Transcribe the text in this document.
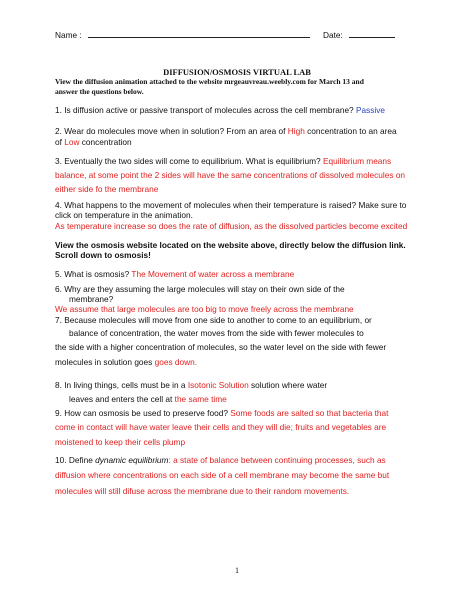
Name :	Date:
DIFFUSION/OSMOSIS VIRTUAL LAB
View the diffusion animation attached to the website mrgeauvreau.weebly.com for March 13 and
answer the questions below.
1. Is diffusion active or passive transport of molecules across the cell membrane? Passive
2. Wear do molecules move when in solution? From an area of High concentration to an area
of Low concentration
3. Eventually the two sides will come to equilibrium. What is equilibrium? Equilibrium means
balance, at some point the 2 sides will have the same concentrations of dissolved molecules on
either side fo the membrane
4. What happens to the movement of molecules when their temperature is raised? Make sure to
click on temperature in the animation.
As temperature increase so does the rate of diffusion, as the dissolved particles become excited
View the osmosis website located on the website above, directly below the diffusion link.
Scroll down to osmosis!
5. What is osmosis? The Movement of water across a membrane
6. Why are they assuming the large molecules will stay on their own side of the
membrane?
We assume that large molecules are too big to move freely across the membrane
7. Because molecules will move from one side to another to come to an equilibrium, or
balance of concentration, the water moves from the side with fewer molecules to
the side with a higher concentration of molecules, so the water level on the side with fewer
molecules in solution goes goes down.
8. In living things, cells must be in a Isotonic Solution solution where water
leaves and enters the cell at the same time
9. How can osmosis be used to preserve food? Some foods are salted so that bacteria that
come in contact will have water leave their cells and they will die; fruits and vegetables are
moistened to keep their cells plump
10. Define dynamic equilibrium: a state of balance between continuing processes, such as
diffusion where concentrations on each side of a cell membrane may become the same but
molecules will still difuse across the membrane due to their random movements.
1
